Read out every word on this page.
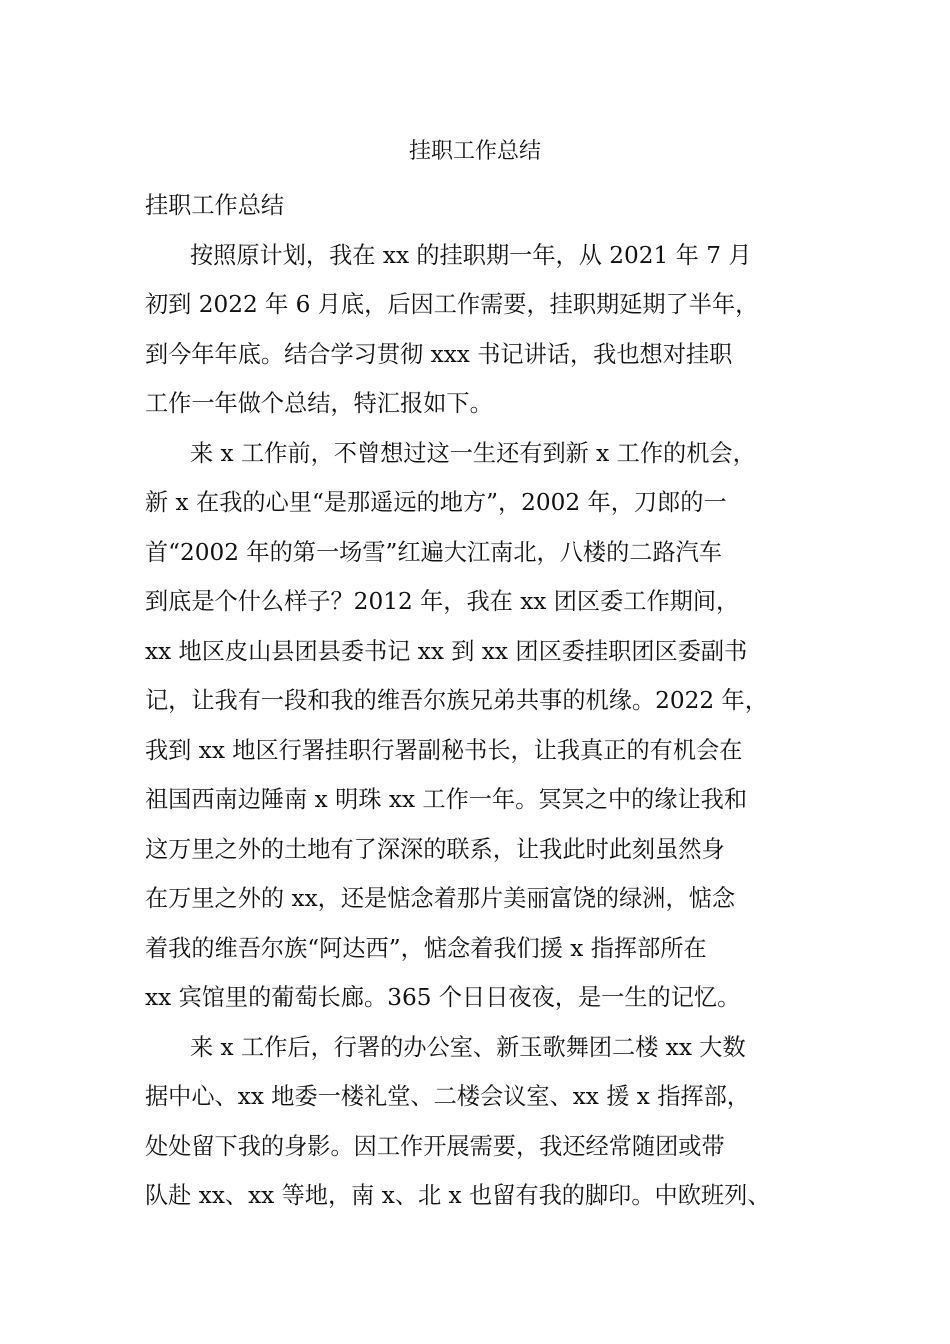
挂职工作总结
挂职工作总结
按照原计划，我在 xx 的挂职期一年，从 2021 年 7 月
初到 2022 年 6 月底，后因工作需要，挂职期延期了半年，
到今年年底。结合学习贯彻 xxx 书记讲话，我也想对挂职
工作一年做个总结，特汇报如下。
来 x 工作前，不曾想过这一生还有到新 x 工作的机会，
新 x 在我的心里“是那遥远的地方”，2002 年，刀郎的一
首“2002 年的第一场雪”红遍大江南北，八楼的二路汽车
到底是个什么样子？2012 年，我在 xx 团区委工作期间，
xx 地区皮山县团县委书记 xx 到 xx 团区委挂职团区委副书
记，让我有一段和我的维吾尔族兄弟共事的机缘。2022 年，
我到 xx 地区行署挂职行署副秘书长，让我真正的有机会在
祖国西南边陲南 x 明珠 xx 工作一年。冥冥之中的缘让我和
这万里之外的土地有了深深的联系，让我此时此刻虽然身
在万里之外的 xx，还是惦念着那片美丽富饶的绿洲，惦念
着我的维吾尔族“阿达西”，惦念着我们援 x 指挥部所在
xx 宾馆里的葡萄长廊。365 个日日夜夜，是一生的记忆。
来 x 工作后，行署的办公室、新玉歌舞团二楼 xx 大数
据中心、xx 地委一楼礼堂、二楼会议室、xx 援 x 指挥部，
处处留下我的身影。因工作开展需要，我还经常随团或带
队赴 xx、xx 等地，南 x、北 x 也留有我的脚印。中欧班列、
